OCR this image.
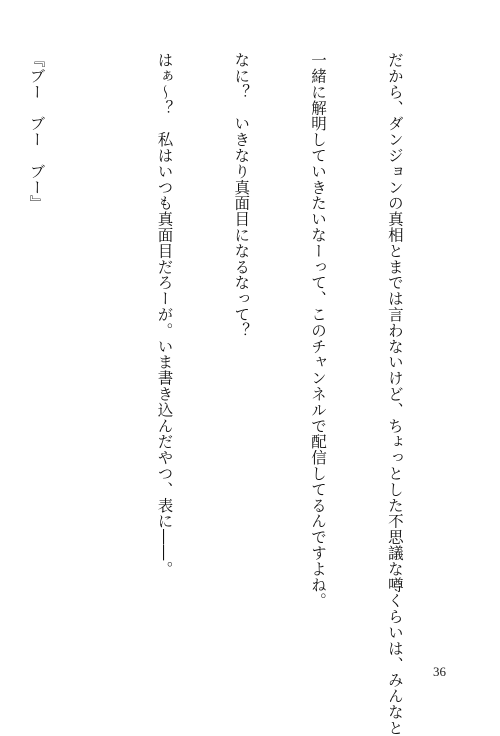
だから、ダンジョンの真相とまでは言わないけど、ちょっとした不思議な噂くらいは、みんなと

一緒に解明していきたいなーって、このチャンネルで配信してるんですよね。

なに？　いきなり真面目になるなって？

はぁ〜？　私はいつも真面目だろーが。いま書き込んだやつ、表に――。

『ブー　ブー　ブー』

36
